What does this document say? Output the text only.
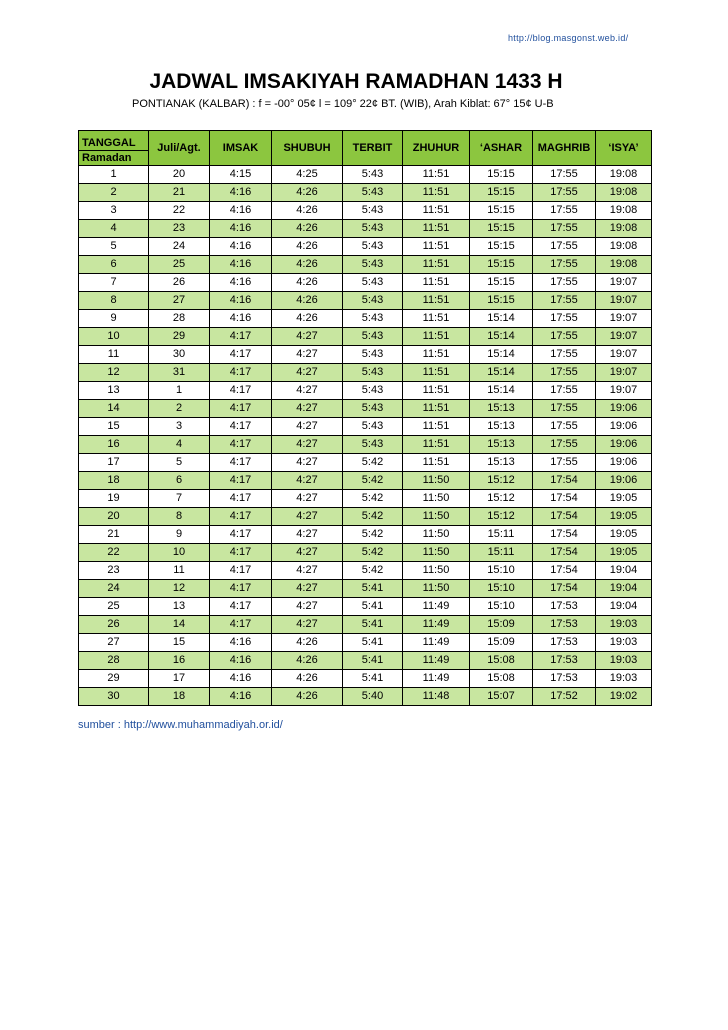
http://blog.masgonst.web.id/
JADWAL IMSAKIYAH RAMADHAN 1433 H
PONTIANAK (KALBAR) : f = -00° 05¢ l = 109° 22¢ BT. (WIB), Arah Kiblat: 67° 15¢ U-B
TANGGAL	Juli/Agt.	IMSAK	SHUBUH	TERBIT	ZHUHUR	‘ASHAR	MAGHRIB	‘ISYA’
Ramadan								
1	20	4:15	4:25	5:43	11:51	15:15	17:55	19:08
2	21	4:16	4:26	5:43	11:51	15:15	17:55	19:08
3	22	4:16	4:26	5:43	11:51	15:15	17:55	19:08
4	23	4:16	4:26	5:43	11:51	15:15	17:55	19:08
5	24	4:16	4:26	5:43	11:51	15:15	17:55	19:08
6	25	4:16	4:26	5:43	11:51	15:15	17:55	19:08
7	26	4:16	4:26	5:43	11:51	15:15	17:55	19:07
8	27	4:16	4:26	5:43	11:51	15:15	17:55	19:07
9	28	4:16	4:26	5:43	11:51	15:14	17:55	19:07
10	29	4:17	4:27	5:43	11:51	15:14	17:55	19:07
11	30	4:17	4:27	5:43	11:51	15:14	17:55	19:07
12	31	4:17	4:27	5:43	11:51	15:14	17:55	19:07
13	1	4:17	4:27	5:43	11:51	15:14	17:55	19:07
14	2	4:17	4:27	5:43	11:51	15:13	17:55	19:06
15	3	4:17	4:27	5:43	11:51	15:13	17:55	19:06
16	4	4:17	4:27	5:43	11:51	15:13	17:55	19:06
17	5	4:17	4:27	5:42	11:51	15:13	17:55	19:06
18	6	4:17	4:27	5:42	11:50	15:12	17:54	19:06
19	7	4:17	4:27	5:42	11:50	15:12	17:54	19:05
20	8	4:17	4:27	5:42	11:50	15:12	17:54	19:05
21	9	4:17	4:27	5:42	11:50	15:11	17:54	19:05
22	10	4:17	4:27	5:42	11:50	15:11	17:54	19:05
23	11	4:17	4:27	5:42	11:50	15:10	17:54	19:04
24	12	4:17	4:27	5:41	11:50	15:10	17:54	19:04
25	13	4:17	4:27	5:41	11:49	15:10	17:53	19:04
26	14	4:17	4:27	5:41	11:49	15:09	17:53	19:03
27	15	4:16	4:26	5:41	11:49	15:09	17:53	19:03
28	16	4:16	4:26	5:41	11:49	15:08	17:53	19:03
29	17	4:16	4:26	5:41	11:49	15:08	17:53	19:03
30	18	4:16	4:26	5:40	11:48	15:07	17:52	19:02
sumber : http://www.muhammadiyah.or.id/
